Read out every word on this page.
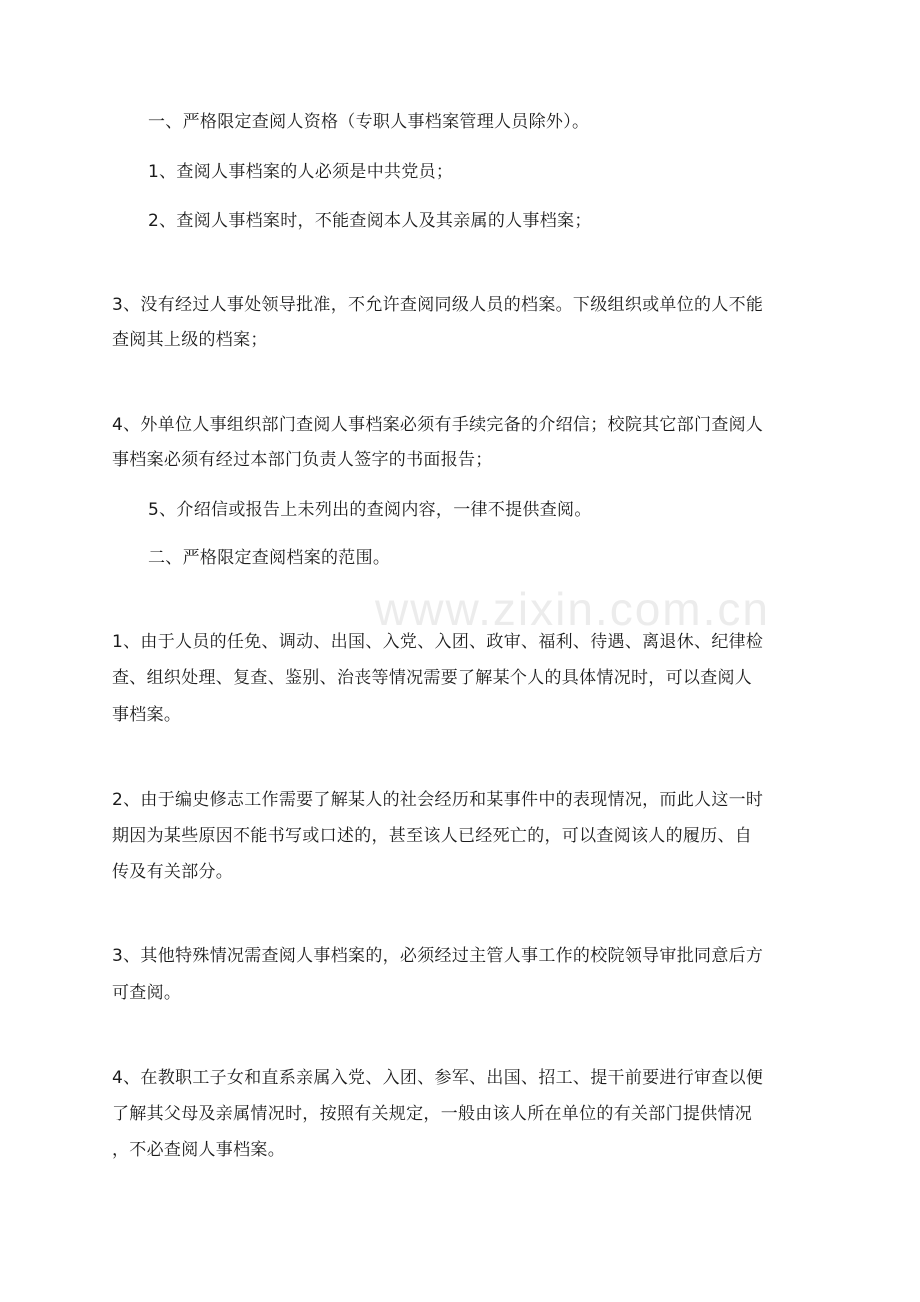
www.zixin.com.cn
一、严格限定查阅人资格（专职人事档案管理人员除外）。
1、查阅人事档案的人必须是中共党员；
2、查阅人事档案时，不能查阅本人及其亲属的人事档案；
3、没有经过人事处领导批准，不允许查阅同级人员的档案。下级组织或单位的人不能
查阅其上级的档案；
4、外单位人事组织部门查阅人事档案必须有手续完备的介绍信；校院其它部门查阅人
事档案必须有经过本部门负责人签字的书面报告；
5、介绍信或报告上未列出的查阅内容，一律不提供查阅。
二、严格限定查阅档案的范围。
1、由于人员的任免、调动、出国、入党、入团、政审、福利、待遇、离退休、纪律检
查、组织处理、复查、鉴别、治丧等情况需要了解某个人的具体情况时，可以查阅人
事档案。
2、由于编史修志工作需要了解某人的社会经历和某事件中的表现情况，而此人这一时
期因为某些原因不能书写或口述的，甚至该人已经死亡的，可以查阅该人的履历、自
传及有关部分。
3、其他特殊情况需查阅人事档案的，必须经过主管人事工作的校院领导审批同意后方
可查阅。
4、在教职工子女和直系亲属入党、入团、参军、出国、招工、提干前要进行审查以便
了解其父母及亲属情况时，按照有关规定，一般由该人所在单位的有关部门提供情况
，不必查阅人事档案。
